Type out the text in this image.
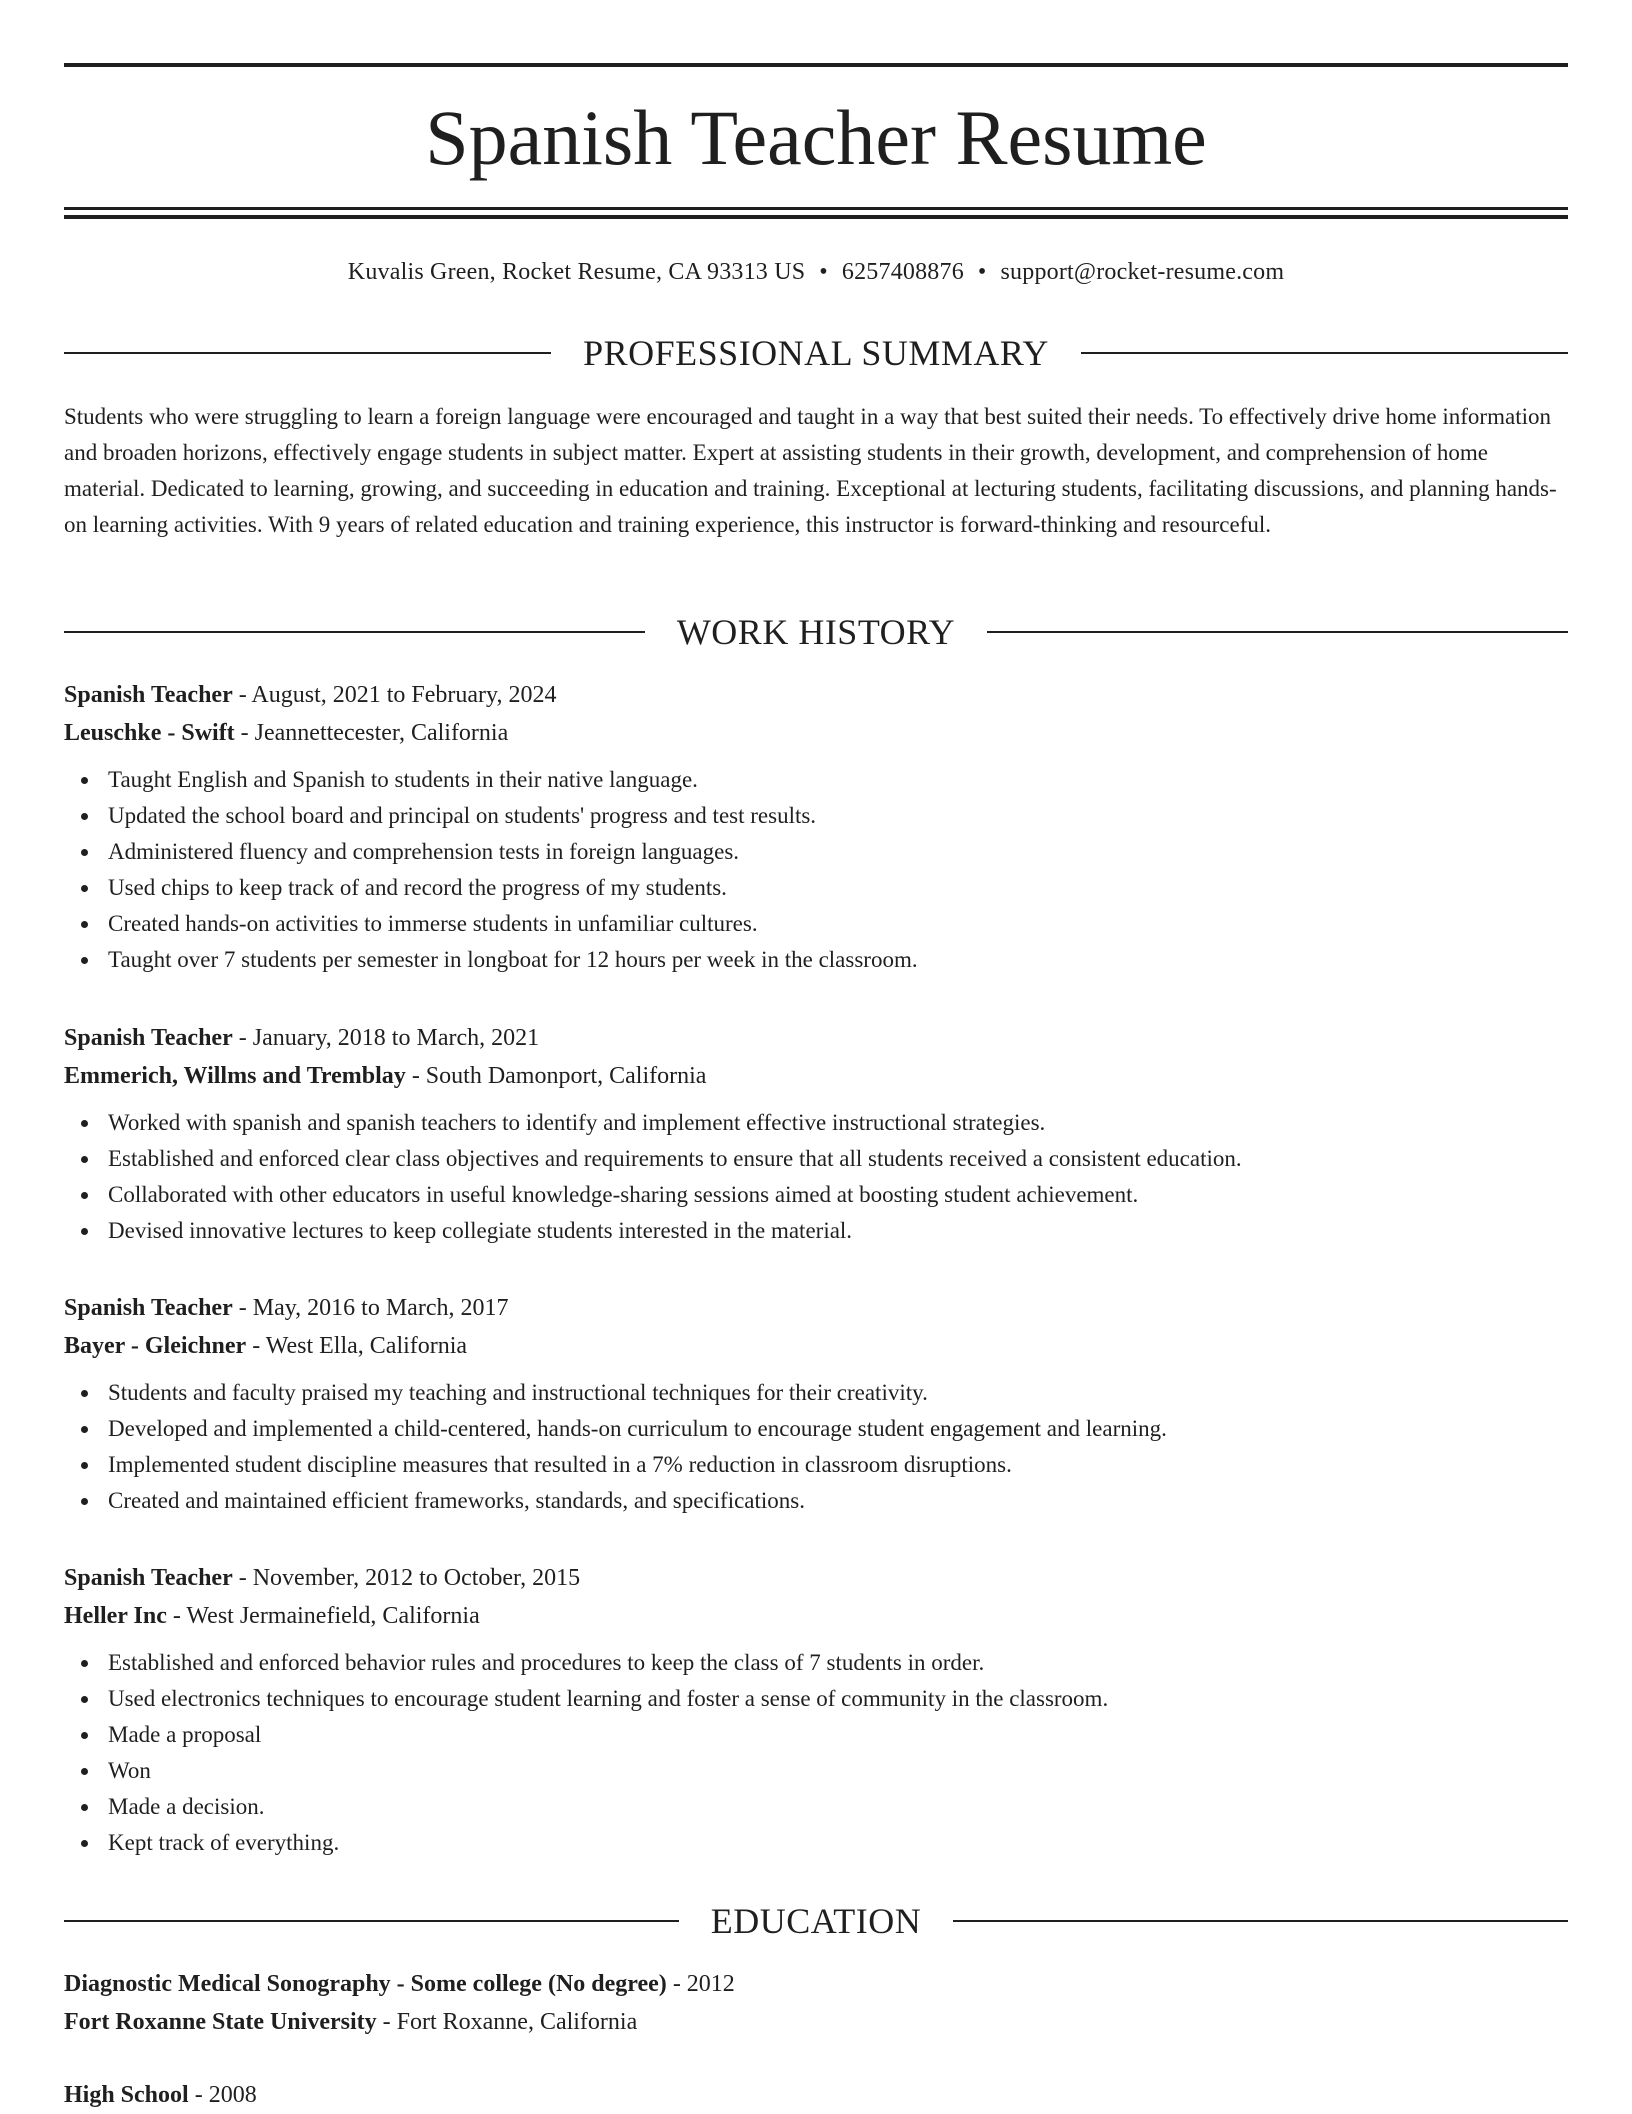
Spanish Teacher Resume
Kuvalis Green, Rocket Resume, CA 93313 US • 6257408876 • support@rocket-resume.com
PROFESSIONAL SUMMARY

Students who were struggling to learn a foreign language were encouraged and taught in a way that best suited their needs. To effectively drive home information and broaden horizons, effectively engage students in subject matter. Expert at assisting students in their growth, development, and comprehension of home material. Dedicated to learning, growing, and succeeding in education and training. Exceptional at lecturing students, facilitating discussions, and planning hands-on learning activities. With 9 years of related education and training experience, this instructor is forward-thinking and resourceful.

WORK HISTORY
Spanish Teacher - August, 2021 to February, 2024
Leuschke - Swift - Jeannettecester, California
Taught English and Spanish to students in their native language.
Updated the school board and principal on students' progress and test results.
Administered fluency and comprehension tests in foreign languages.
Used chips to keep track of and record the progress of my students.
Created hands-on activities to immerse students in unfamiliar cultures.
Taught over 7 students per semester in longboat for 12 hours per week in the classroom.
Spanish Teacher - January, 2018 to March, 2021
Emmerich, Willms and Tremblay - South Damonport, California
Worked with spanish and spanish teachers to identify and implement effective instructional strategies.
Established and enforced clear class objectives and requirements to ensure that all students received a consistent education.
Collaborated with other educators in useful knowledge-sharing sessions aimed at boosting student achievement.
Devised innovative lectures to keep collegiate students interested in the material.
Spanish Teacher - May, 2016 to March, 2017
Bayer - Gleichner - West Ella, California
Students and faculty praised my teaching and instructional techniques for their creativity.
Developed and implemented a child-centered, hands-on curriculum to encourage student engagement and learning.
Implemented student discipline measures that resulted in a 7% reduction in classroom disruptions.
Created and maintained efficient frameworks, standards, and specifications.
Spanish Teacher - November, 2012 to October, 2015
Heller Inc - West Jermainefield, California
Established and enforced behavior rules and procedures to keep the class of 7 students in order.
Used electronics techniques to encourage student learning and foster a sense of community in the classroom.
Made a proposal
Won
Made a decision.
Kept track of everything.
EDUCATION
Diagnostic Medical Sonography - Some college (No degree) - 2012
Fort Roxanne State University - Fort Roxanne, California
High School - 2008
